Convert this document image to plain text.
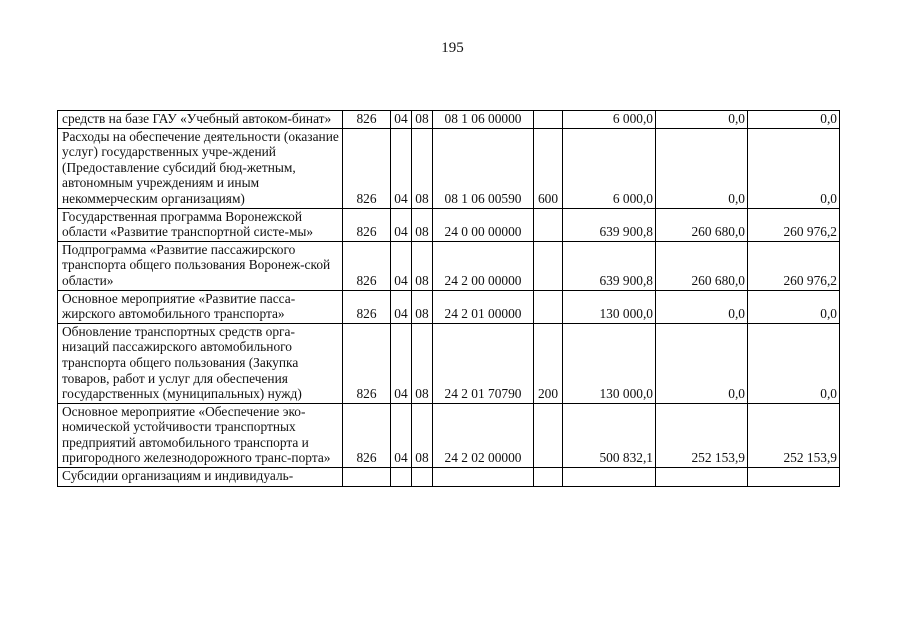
195
средств на базе ГАУ «Учебный автоком-бинат»	826	04	08	08 1 06 00000		6 000,0	0,0	0,0
Расходы на обеспечение деятельности (оказание услуг) государственных учре-ждений (Предоставление субсидий бюд-жетным, автономным учреждениям и иным некоммерческим организациям)	826	04	08	08 1 06 00590	600	6 000,0	0,0	0,0
Государственная программа Воронежской области «Развитие транспортной систе-мы»	826	04	08	24 0 00 00000		639 900,8	260 680,0	260 976,2
Подпрограмма «Развитие пассажирского транспорта общего пользования Воронеж-ской области»	826	04	08	24 2 00 00000		639 900,8	260 680,0	260 976,2
Основное мероприятие «Развитие пасса-жирского автомобильного транспорта»	826	04	08	24 2 01 00000		130 000,0	0,0	0,0
Обновление транспортных средств орга-низаций пассажирского автомобильного транспорта общего пользования (Закупка товаров, работ и услуг для обеспечения государственных (муниципальных) нужд)	826	04	08	24 2 01 70790	200	130 000,0	0,0	0,0
Основное мероприятие «Обеспечение эко-номической устойчивости транспортных предприятий автомобильного транспорта и пригородного железнодорожного транс-порта»	826	04	08	24 2 02 00000		500 832,1	252 153,9	252 153,9
Субсидии организациям и индивидуаль-								
